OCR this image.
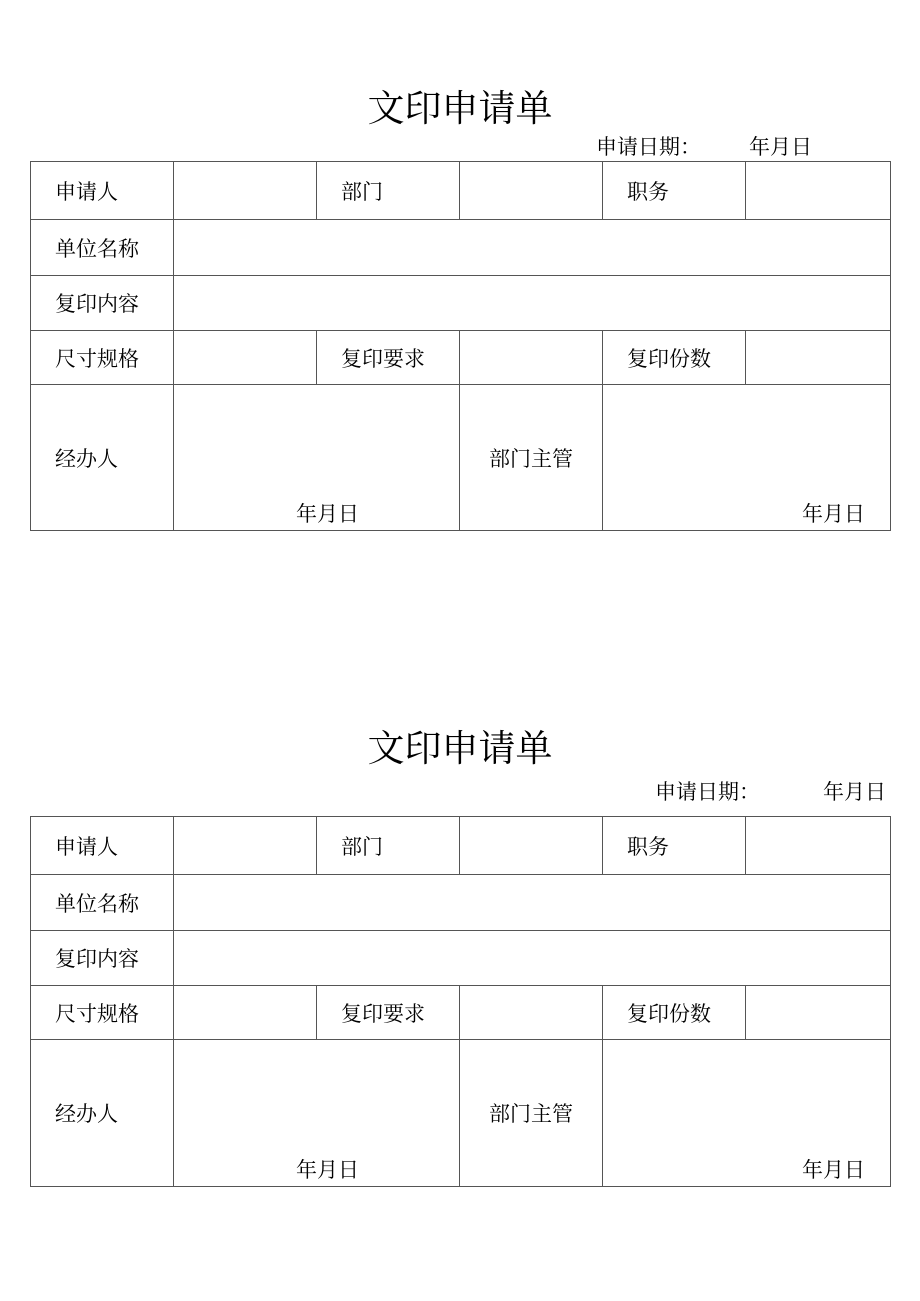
文印申请单
申请日期： 年月日
申请人		部门		职务	
单位名称					
复印内容					
尺寸规格		复印要求		复印份数	
经办人	年月日		部门主管	年月日	
文印申请单
申请日期：	年月日
申请人		部门		职务	
单位名称					
复印内容					
尺寸规格		复印要求		复印份数	
经办人	年月日		部门主管	年月日	
